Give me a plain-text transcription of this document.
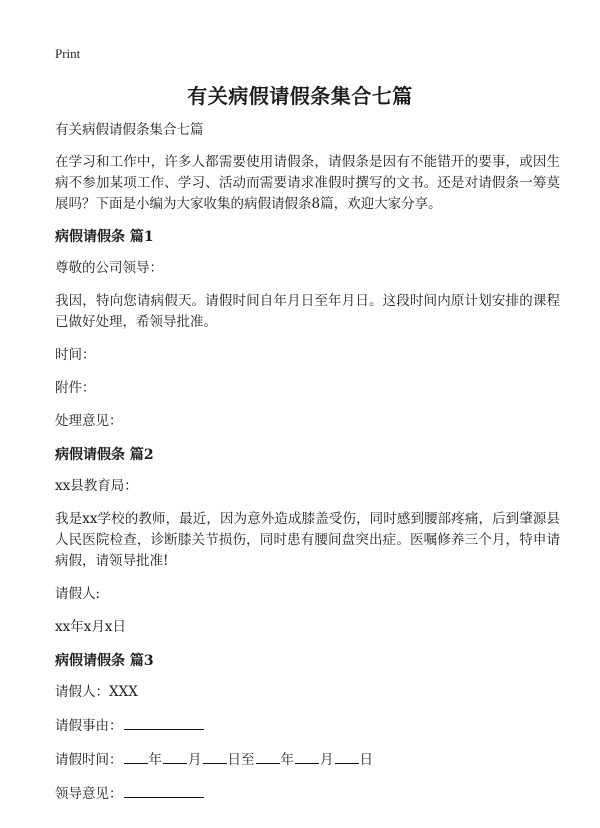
Print
有关病假请假条集合七篇

有关病假请假条集合七篇

在学习和工作中，许多人都需要使用请假条，请假条是因有不能错开的要事，或因生病不参加某项工作、学习、活动而需要请求准假时撰写的文书。还是对请假条一筹莫展吗？下面是小编为大家收集的病假请假条8篇，欢迎大家分享。

病假请假条 篇1

尊敬的公司领导：

我因，特向您请病假天。请假时间自年月日至年月日。这段时间内原计划安排的课程已做好处理，希领导批准。

时间：

附件：

处理意见：

病假请假条 篇2

xx县教育局：

我是xx学校的教师，最近，因为意外造成膝盖受伤，同时感到腰部疼痛，后到肇源县人民医院检查，诊断膝关节损伤，同时患有腰间盘突出症。医嘱修养三个月，特申请病假，请领导批准!

请假人:

xx年x月x日

病假请假条 篇3

请假人：XXX

请假事由：

请假时间： 年 月 日至 年 月 日

领导意见：
